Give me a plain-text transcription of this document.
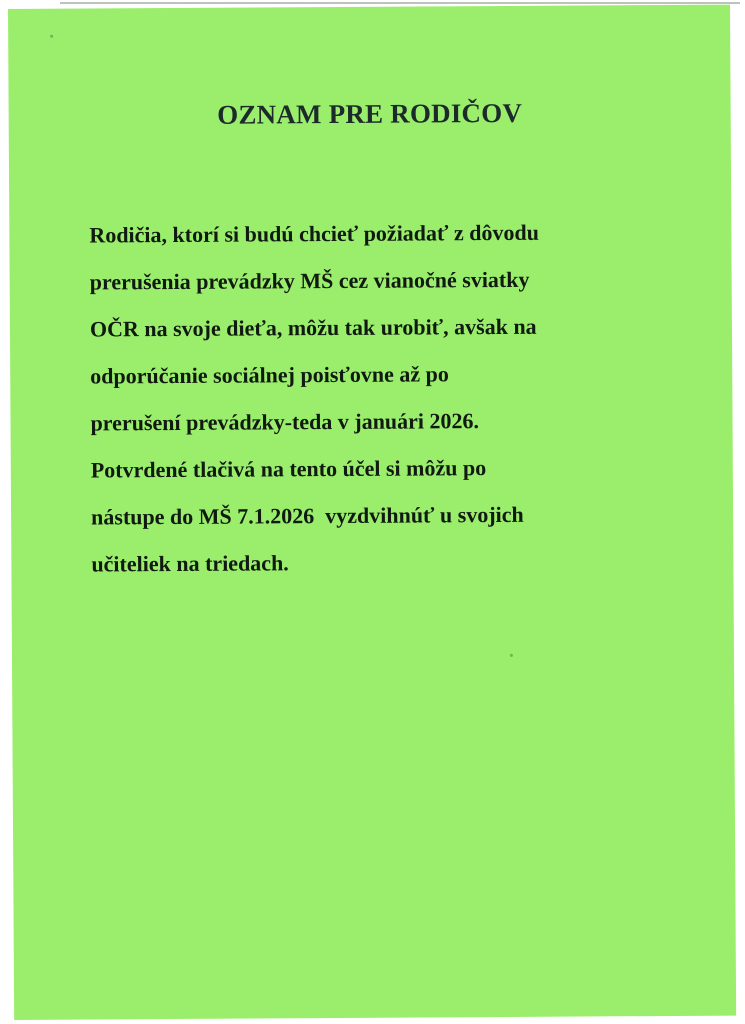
OZNAM PRE RODIČOV
Rodičia, ktorí si budú chcieť požiadať z dôvodu
prerušenia prevádzky MŠ cez vianočné sviatky
OČR na svoje dieťa, môžu tak urobiť, avšak na
odporúčanie sociálnej poisťovne až po
prerušení prevádzky-teda v januári 2026.
Potvrdené tlačivá na tento účel si môžu po
nástupe do MŠ 7.1.2026  vyzdvihnúť u svojich
učiteliek na triedach.
